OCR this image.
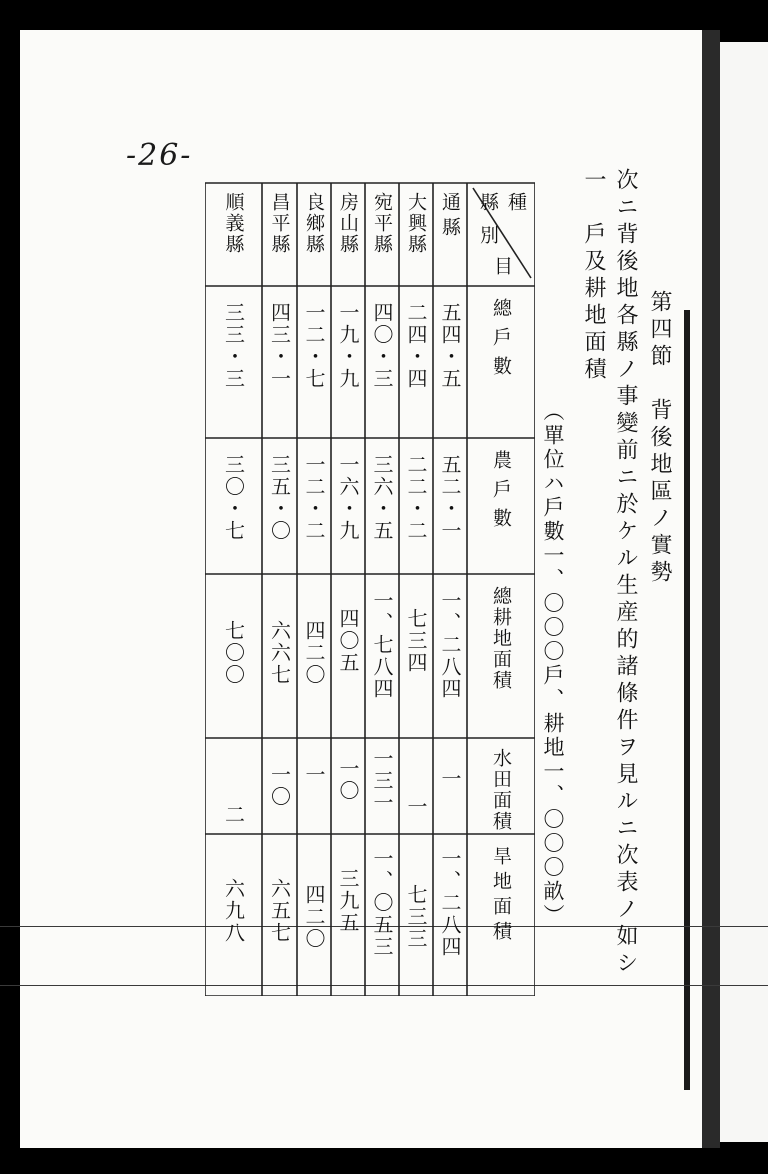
-26-
第四節　背後地區ノ實勢
次ニ背後地各縣ノ事變前ニ於ケル生産的諸條件ヲ見ルニ次表ノ如シ
一　戶及耕地面積
（單位ハ戶數一、〇〇〇戶、耕地一、〇〇〇畝）
種
目
縣別
總戶數
農戶數
總耕地面積
水田面積
旱地面積
通縣
五四・五
五二・一
一、二八四
一
一、二八四
大興縣
二四・四
二二・二
七三四
一
七三三
宛平縣
四〇・三
三六・五
一、七八四
一三一
一、〇五三
房山縣
一九・九
一六・九
四〇五
一〇
三九五
良鄉縣
一二・七
一二・二
四二〇
一
四二〇
昌平縣
四三・一
三五・〇
六六七
一〇
六五七
順義縣
三三・三
三〇・七
七〇〇
二
六九八
